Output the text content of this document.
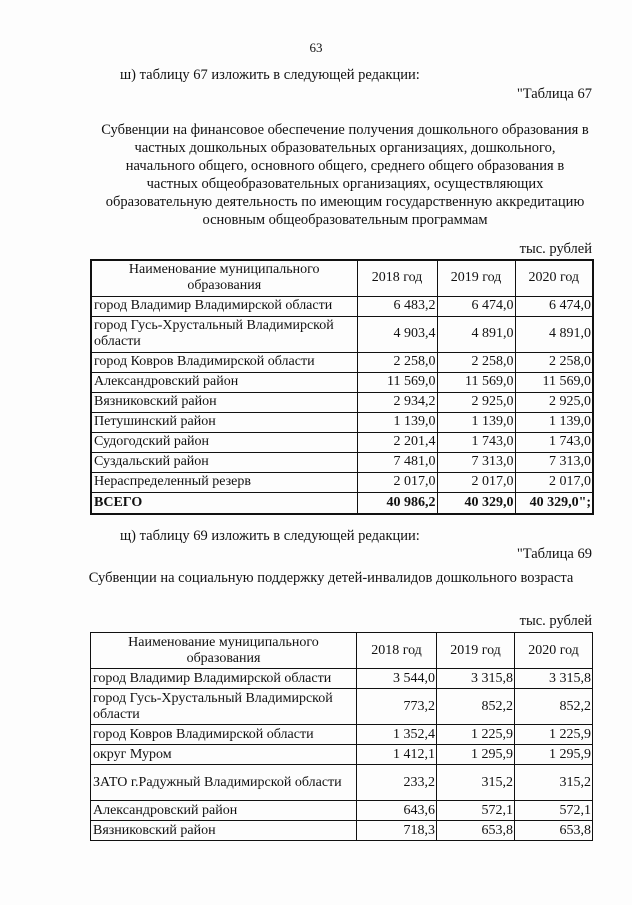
63
ш) таблицу 67 изложить в следующей редакции:
"Таблица 67
Субвенции на финансовое обеспечение получения дошкольного образования в
частных дошкольных образовательных организациях, дошкольного,
начального общего, основного общего, среднего общего образования в
частных общеобразовательных организациях, осуществляющих
образовательную деятельность по имеющим государственную аккредитацию
основным общеобразовательным программам
тыс. рублей
Наименование муниципального образования	2018 год	2019 год	2020 год
город Владимир Владимирской области	6 483,2	6 474,0	6 474,0
город Гусь-Хрустальный Владимирской области	4 903,4	4 891,0	4 891,0
город Ковров Владимирской области	2 258,0	2 258,0	2 258,0
Александровский район	11 569,0	11 569,0	11 569,0
Вязниковский район	2 934,2	2 925,0	2 925,0
Петушинский район	1 139,0	1 139,0	1 139,0
Судогодский район	2 201,4	1 743,0	1 743,0
Суздальский район	7 481,0	7 313,0	7 313,0
Нераспределенный резерв	2 017,0	2 017,0	2 017,0
ВСЕГО	40 986,2	40 329,0	40 329,0";
щ) таблицу 69 изложить в следующей редакции:
"Таблица 69
Субвенции на социальную поддержку детей-инвалидов дошкольного возраста
тыс. рублей
Наименование муниципального образования	2018 год	2019 год	2020 год
город Владимир Владимирской области	3 544,0	3 315,8	3 315,8
город Гусь-Хрустальный Владимирской области	773,2	852,2	852,2
город Ковров Владимирской области	1 352,4	1 225,9	1 225,9
округ Муром	1 412,1	1 295,9	1 295,9
ЗАТО г.Радужный Владимирской области	233,2	315,2	315,2
Александровский район	643,6	572,1	572,1
Вязниковский район	718,3	653,8	653,8
